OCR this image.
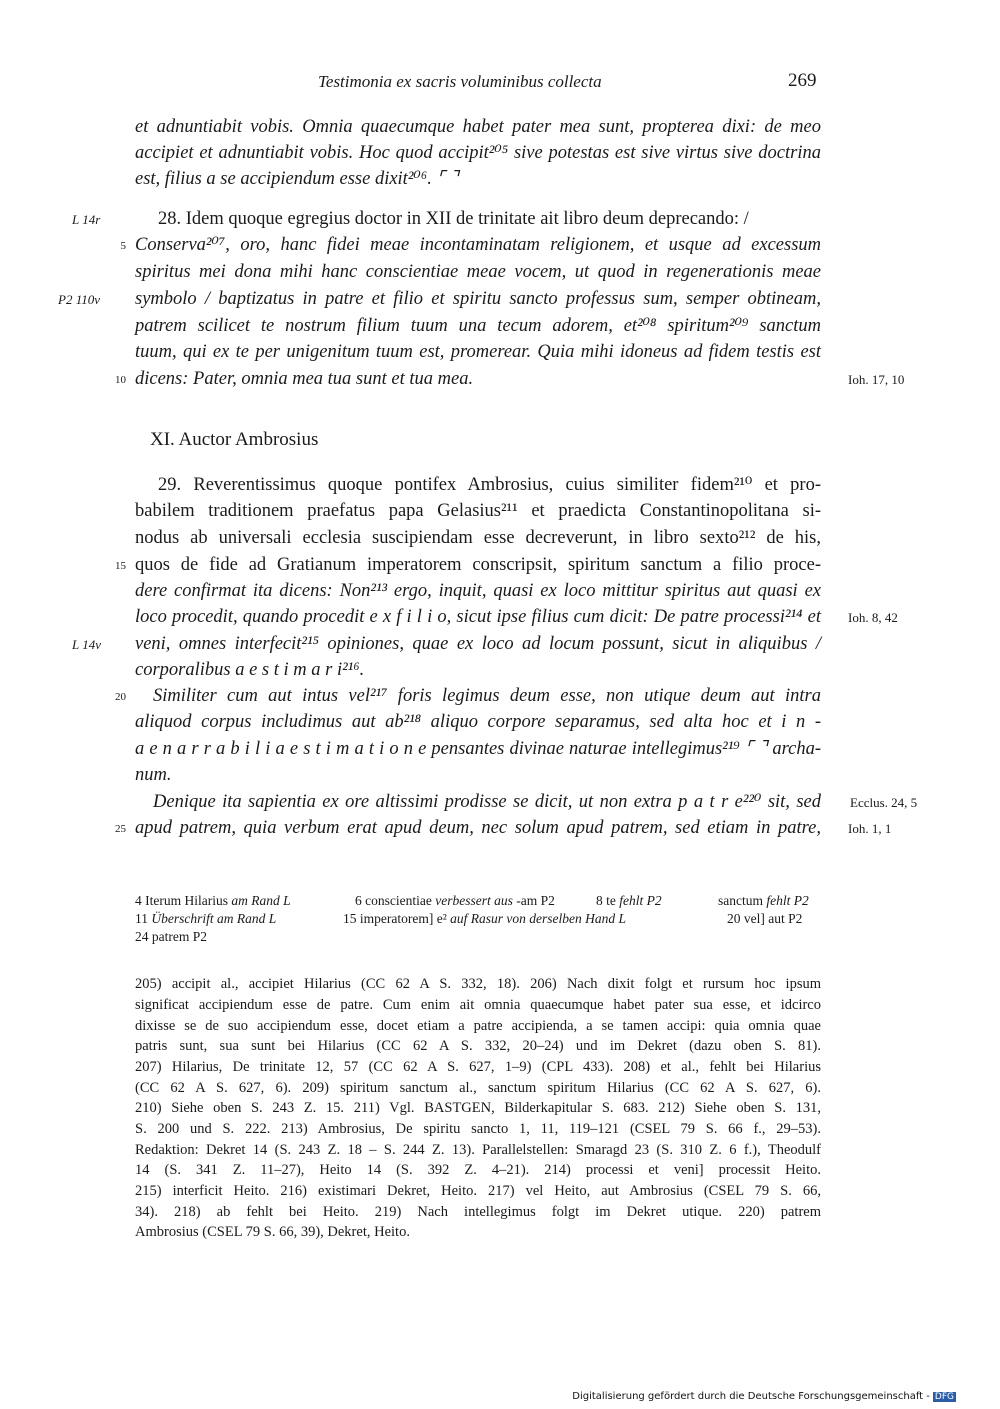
Testimonia ex sacris voluminibus collecta	269
et adnuntiabit vobis. Omnia quaecumque habet pater mea sunt, propterea dixi: de meo
accipiet et adnuntiabit vobis. Hoc quod accipit²⁰⁵ sive potestas est sive virtus sive doctrina
est, filius a se accipiendum esse dixit²⁰⁶. ⌜ ⌝
28. Idem quoque egregius doctor in XII de trinitate ait libro deum deprecando: /
Conserva²⁰⁷, oro, hanc fidei meae incontaminatam religionem, et usque ad excessum
spiritus mei dona mihi hanc conscientiae meae vocem, ut quod in regenerationis meae
symbolo / baptizatus in patre et filio et spiritu sancto professus sum, semper obtineam,
patrem scilicet te nostrum filium tuum una tecum adorem, et²⁰⁸ spiritum²⁰⁹ sanctum
tuum, qui ex te per unigenitum tuum est, promerear. Quia mihi idoneus ad fidem testis est
dicens: Pater, omnia mea tua sunt et tua mea.
XI. Auctor Ambrosius
29. Reverentissimus quoque pontifex Ambrosius, cuius similiter fidem²¹⁰ et pro-
babilem traditionem praefatus papa Gelasius²¹¹ et praedicta Constantinopolitana si-
nodus ab universali ecclesia suscipiendam esse decreverunt, in libro sexto²¹² de his,
quos de fide ad Gratianum imperatorem conscripsit, spiritum sanctum a filio proce-
dere confirmat ita dicens: Non²¹³ ergo, inquit, quasi ex loco mittitur spiritus aut quasi ex
loco procedit, quando procedit e x f i l i o, sicut ipse filius cum dicit: De patre processi²¹⁴ et
veni, omnes interfecit²¹⁵ opiniones, quae ex loco ad locum possunt, sicut in aliquibus /
corporalibus a e s t i m a r i²¹⁶.
Similiter cum aut intus vel²¹⁷ foris legimus deum esse, non utique deum aut intra
aliquod corpus includimus aut ab²¹⁸ aliquo corpore separamus, sed alta hoc et i n -
a e n a r r a b i l i a e s t i m a t i o n e pensantes divinae naturae intellegimus²¹⁹ ⌜ ⌝ archa-
num.
Denique ita sapientia ex ore altissimi prodisse se dicit, ut non extra p a t r e²²⁰ sit, sed
apud patrem, quia verbum erat apud deum, nec solum apud patrem, sed etiam in patre,
5
10
15
20
25
L 14r
P2 110v
L 14v
Ioh. 17, 10
Ioh. 8, 42
Ecclus. 24, 5
Ioh. 1, 1
4 Iterum Hilarius am Rand L	6 conscientiae verbessert aus -am P2	8 te fehlt P2	sanctum fehlt P2
11 Überschrift am Rand L	15 imperatorem] e² auf Rasur von derselben Hand L	20 vel] aut P2
24 patrem P2
205) accipit al., accipiet Hilarius (CC 62 A S. 332, 18). 206) Nach dixit folgt et rursum hoc ipsum
significat accipiendum esse de patre. Cum enim ait omnia quaecumque habet pater sua esse, et idcirco
dixisse se de suo accipiendum esse, docet etiam a patre accipienda, a se tamen accipi: quia omnia quae
patris sunt, sua sunt bei Hilarius (CC 62 A S. 332, 20–24) und im Dekret (dazu oben S. 81).
207) Hilarius, De trinitate 12, 57 (CC 62 A S. 627, 1–9) (CPL 433). 208) et al., fehlt bei Hilarius
(CC 62 A S. 627, 6). 209) spiritum sanctum al., sanctum spiritum Hilarius (CC 62 A S. 627, 6).
210) Siehe oben S. 243 Z. 15. 211) Vgl. BASTGEN, Bilderkapitular S. 683. 212) Siehe oben S. 131,
S. 200 und S. 222. 213) Ambrosius, De spiritu sancto 1, 11, 119–121 (CSEL 79 S. 66 f., 29–53).
Redaktion: Dekret 14 (S. 243 Z. 18 – S. 244 Z. 13). Parallelstellen: Smaragd 23 (S. 310 Z. 6 f.), Theodulf
14 (S. 341 Z. 11–27), Heito 14 (S. 392 Z. 4–21). 214) processi et veni] processit Heito.
215) interficit Heito. 216) existimari Dekret, Heito. 217) vel Heito, aut Ambrosius (CSEL 79 S. 66,
34). 218) ab fehlt bei Heito. 219) Nach intellegimus folgt im Dekret utique. 220) patrem
Ambrosius (CSEL 79 S. 66, 39), Dekret, Heito.
Digitalisierung gefördert durch die Deutsche Forschungsgemeinschaft - DFG
